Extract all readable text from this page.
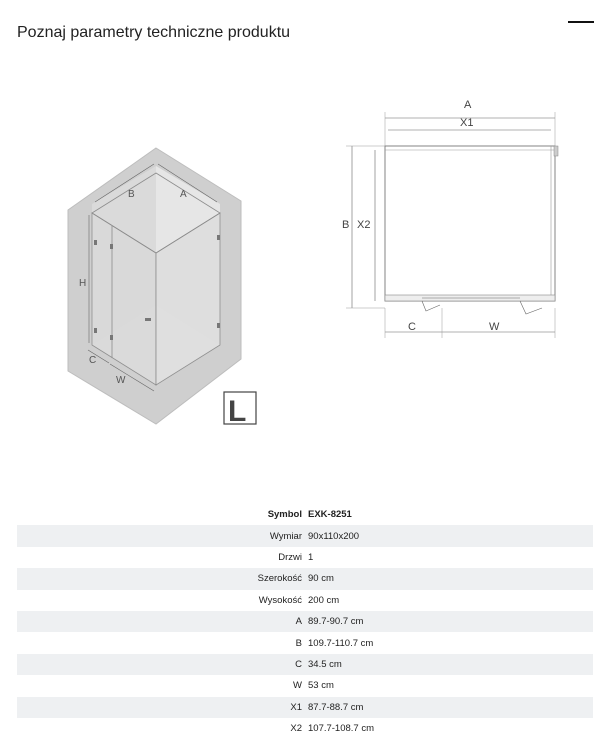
Poznaj parametry techniczne produktu
B	A
H
C
W
L
A
X1
B X2
C	W
Symbol	EXK-8251
Wymiar	90x110x200
Drzwi	1
Szerokość	90 cm
Wysokość	200 cm
A	89.7-90.7 cm
B	109.7-110.7 cm
C	34.5 cm
W	53 cm
X1	87.7-88.7 cm
X2	107.7-108.7 cm
